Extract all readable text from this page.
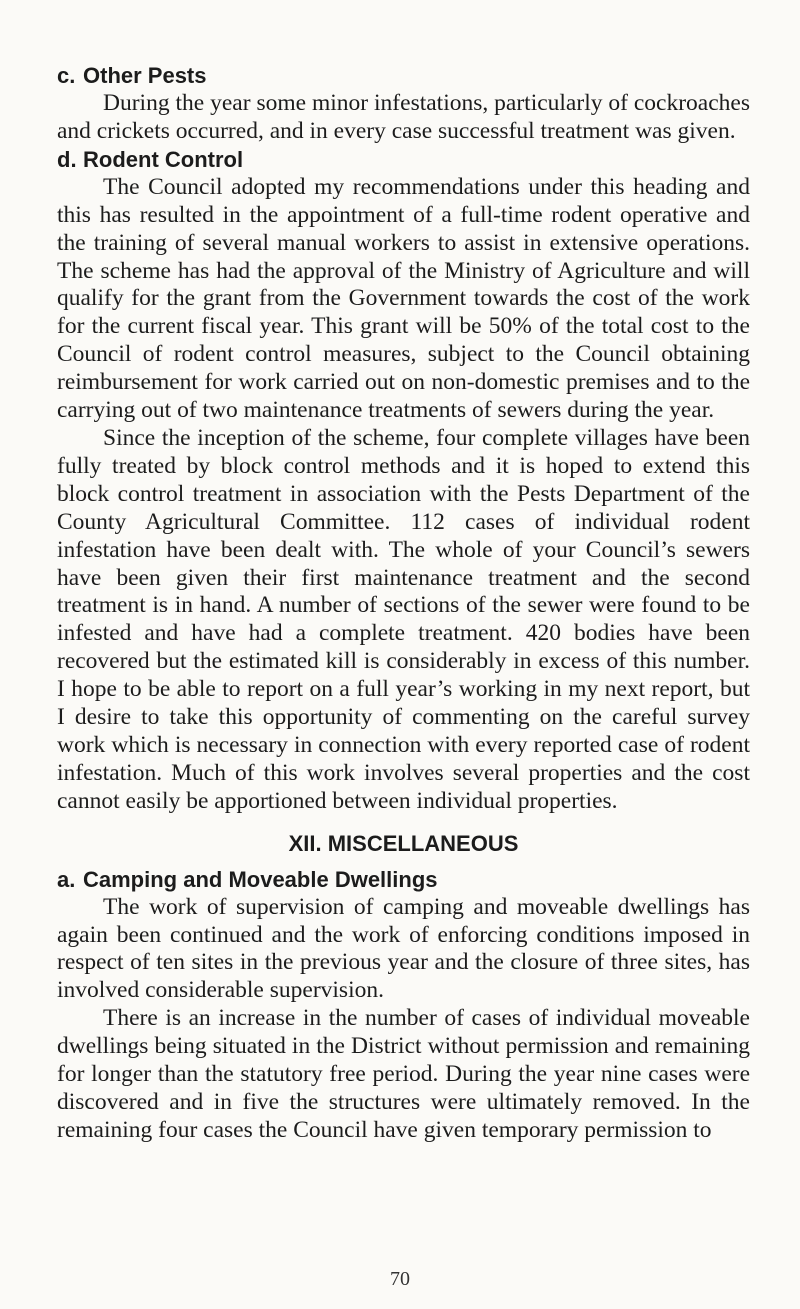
c. Other Pests

During the year some minor infestations, particularly of cockroaches and crickets occurred, and in every case successful treatment was given.

d. Rodent Control

The Council adopted my recommendations under this heading and this has resulted in the appointment of a full-time rodent operative and the training of several manual workers to assist in extensive operations. The scheme has had the approval of the Ministry of Agriculture and will qualify for the grant from the Government towards the cost of the work for the current fiscal year. This grant will be 50% of the total cost to the Council of rodent control measures, subject to the Council obtaining reimbursement for work carried out on non-domestic premises and to the carrying out of two maintenance treatments of sewers during the year.

Since the inception of the scheme, four complete villages have been fully treated by block control methods and it is hoped to extend this block control treatment in association with the Pests Department of the County Agricultural Committee. 112 cases of individual rodent infestation have been dealt with. The whole of your Council’s sewers have been given their first maintenance treatment and the second treatment is in hand. A number of sections of the sewer were found to be infested and have had a complete treatment. 420 bodies have been recovered but the estimated kill is considerably in excess of this number. I hope to be able to report on a full year’s working in my next report, but I desire to take this opportunity of commenting on the careful survey work which is necessary in connection with every reported case of rodent infestation. Much of this work involves several properties and the cost cannot easily be apportioned between individual properties.

XII. MISCELLANEOUS
a. Camping and Moveable Dwellings

The work of supervision of camping and moveable dwellings has again been continued and the work of enforcing conditions imposed in respect of ten sites in the previous year and the closure of three sites, has involved considerable supervision.

There is an increase in the number of cases of individual moveable dwellings being situated in the District without permission and remaining for longer than the statutory free period. During the year nine cases were discovered and in five the structures were ultimately removed. In the remaining four cases the Council have given temporary permission to

70
